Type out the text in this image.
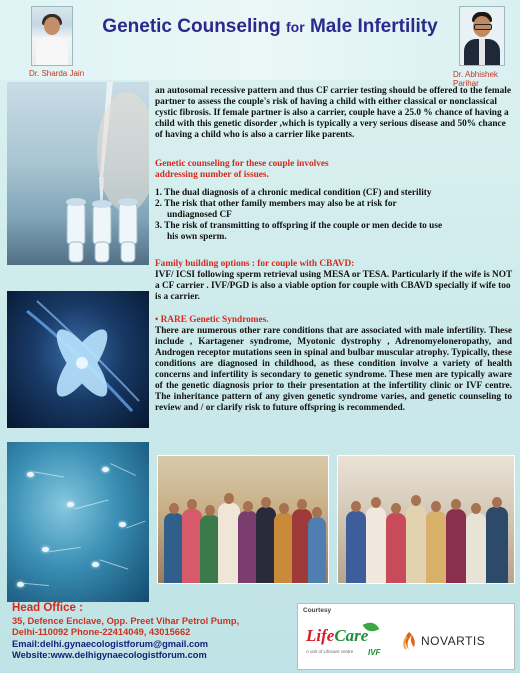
Dr. Sharda Jain
Genetic Counseling for Male Infertility
Dr. Abhishek Parihar
an autosomal recessive pattern and thus CF carrier testing should be offered to the female partner to assess the couple's risk of having a child with either classical or nonclassical cystic fibrosis. If female partner is also a carrier, couple have a 25.0 % chance of having a child with this genetic disorder ,which is typically a very serious disease and 50% chance of having a child who is also a carrier like parents.
Genetic counseling for these couple involves
addressing number of issues.
1. The dual diagnosis of a chronic medical condition (CF) and sterility
2. The risk that other family members may also be at risk for
undiagnosed CF
3. The risk of transmitting to offspring if the couple or men decide to use
his own sperm.
Family building options : for couple with CBAVD:
IVF/ ICSI following sperm retrieval using MESA or TESA. Particularly if the wife is NOT a CF carrier . IVF/PGD is also a viable option for couple with CBAVD specially if wife too is a carrier.
• RARE Genetic Syndromes.
There are numerous other rare conditions that are associated with male infertility. These include , Kartagener syndrome, Myotonic dystrophy , Adrenomyeloneropathy, and Androgen receptor mutations seen in spinal and bulbar muscular atrophy. Typically, these conditions are diagnosed in childhood, as these condition involve a variety of health concerns and infertility is secondary to genetic syndrome. These men are typically aware of the genetic diagnosis prior to their presentation at the infertility clinic or IVF centre. The inheritance pattern of any given genetic syndrome varies, and genetic counseling to review and / or clarify risk to future offspring is recommended.
Head Office :
35, Defence Enclave, Opp. Preet Vihar Petrol Pump,
Delhi-110092 Phone-22414049, 43015662
Email:delhi.gynaecologistforum@gmail.com
Website:www.delhigynaecologistforum.com
Courtesy
LifeCare
A unit of Lifecare centre IVF
NOVARTIS
